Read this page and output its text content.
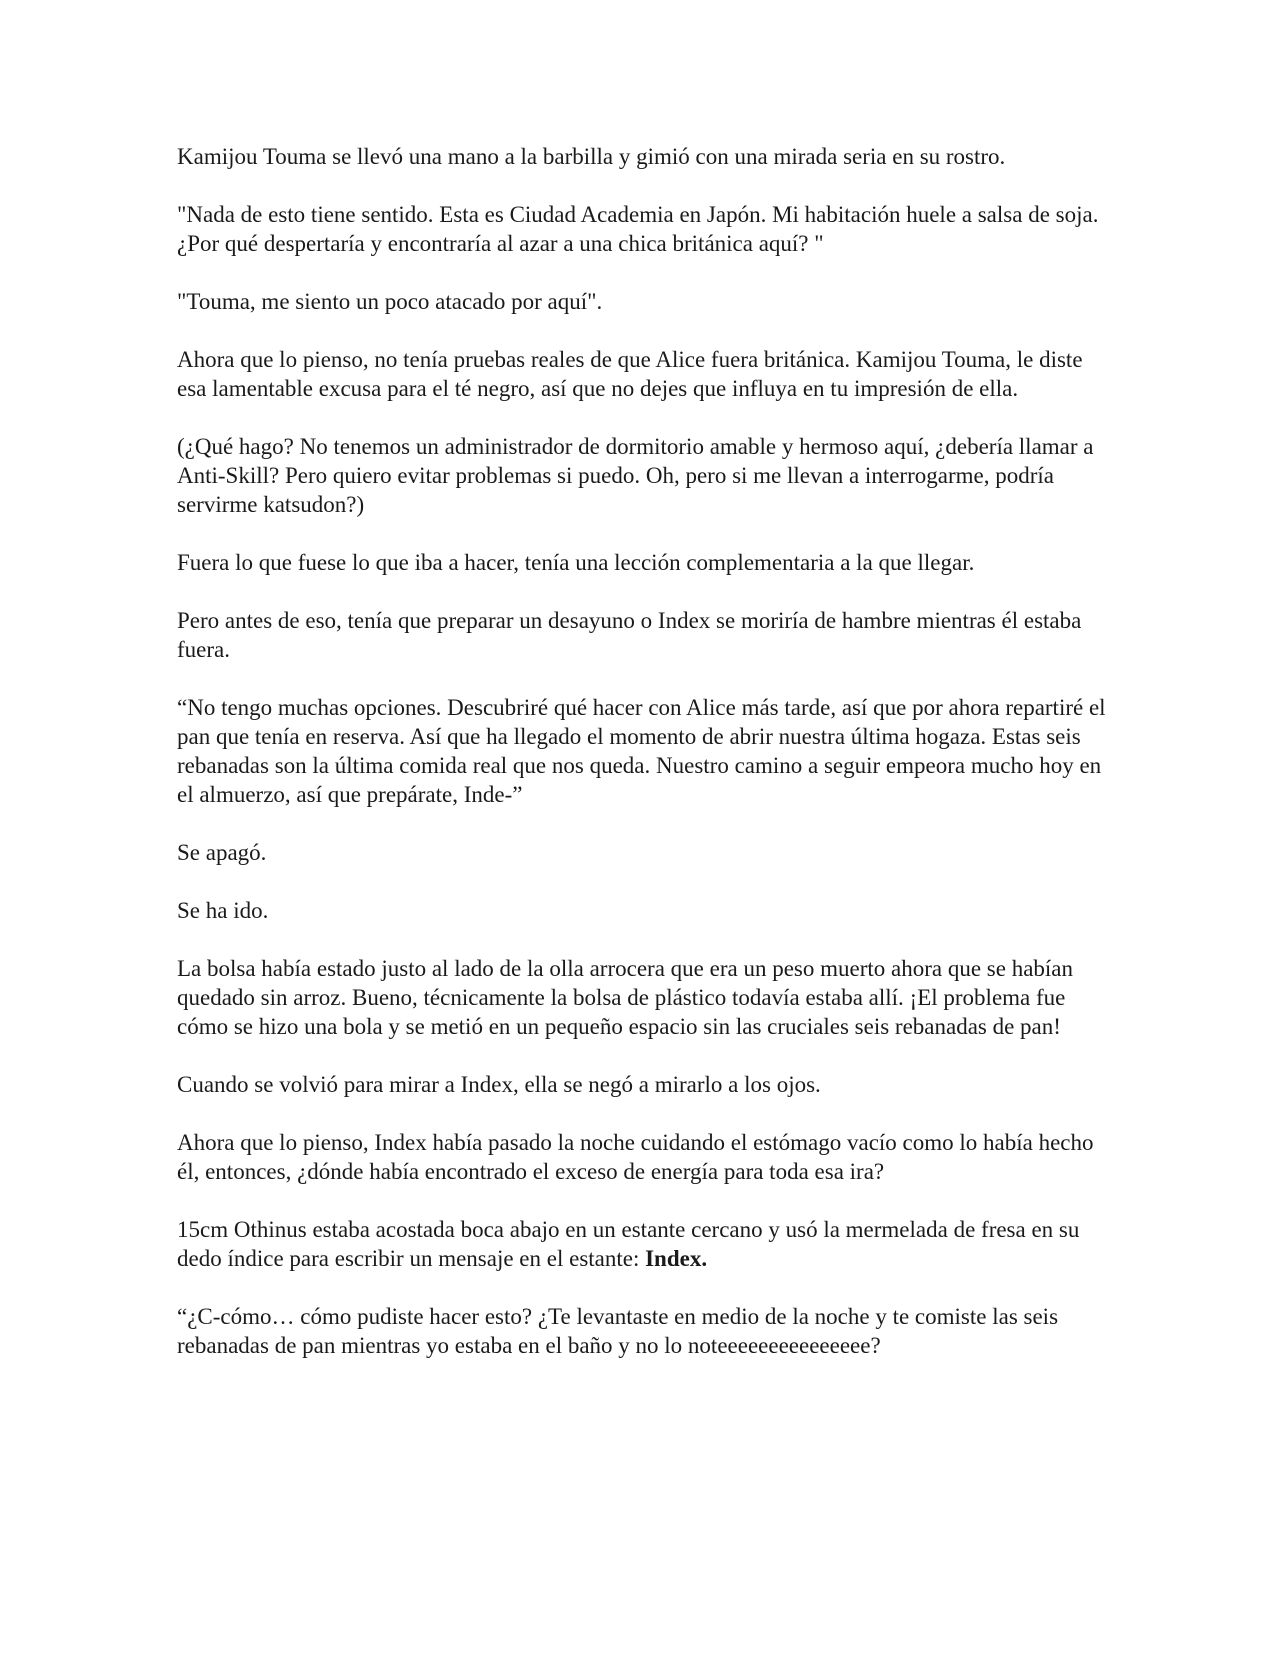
Kamijou Touma se llevó una mano a la barbilla y gimió con una mirada seria en su rostro.

"Nada de esto tiene sentido. Esta es Ciudad Academia en Japón. Mi habitación huele a salsa de soja. ¿Por qué despertaría y encontraría al azar a una chica británica aquí? "

"Touma, me siento un poco atacado por aquí".

Ahora que lo pienso, no tenía pruebas reales de que Alice fuera británica. Kamijou Touma, le diste esa lamentable excusa para el té negro, así que no dejes que influya en tu impresión de ella.

(¿Qué hago? No tenemos un administrador de dormitorio amable y hermoso aquí, ¿debería llamar a Anti-Skill? Pero quiero evitar problemas si puedo. Oh, pero si me llevan a interrogarme, podría servirme katsudon?)

Fuera lo que fuese lo que iba a hacer, tenía una lección complementaria a la que llegar.

Pero antes de eso, tenía que preparar un desayuno o Index se moriría de hambre mientras él estaba fuera.

“No tengo muchas opciones. Descubriré qué hacer con Alice más tarde, así que por ahora repartiré el pan que tenía en reserva. Así que ha llegado el momento de abrir nuestra última hogaza. Estas seis rebanadas son la última comida real que nos queda. Nuestro camino a seguir empeora mucho hoy en el almuerzo, así que prepárate, Inde-”

Se apagó.

Se ha ido.

La bolsa había estado justo al lado de la olla arrocera que era un peso muerto ahora que se habían quedado sin arroz. Bueno, técnicamente la bolsa de plástico todavía estaba allí. ¡El problema fue cómo se hizo una bola y se metió en un pequeño espacio sin las cruciales seis rebanadas de pan!

Cuando se volvió para mirar a Index, ella se negó a mirarlo a los ojos.

Ahora que lo pienso, Index había pasado la noche cuidando el estómago vacío como lo había hecho él, entonces, ¿dónde había encontrado el exceso de energía para toda esa ira?

15cm Othinus estaba acostada boca abajo en un estante cercano y usó la mermelada de fresa en su dedo índice para escribir un mensaje en el estante: Index.

“¿C-cómo… cómo pudiste hacer esto? ¿Te levantaste en medio de la noche y te comiste las seis rebanadas de pan mientras yo estaba en el baño y no lo noteeeeeeeeeeeeeee?
